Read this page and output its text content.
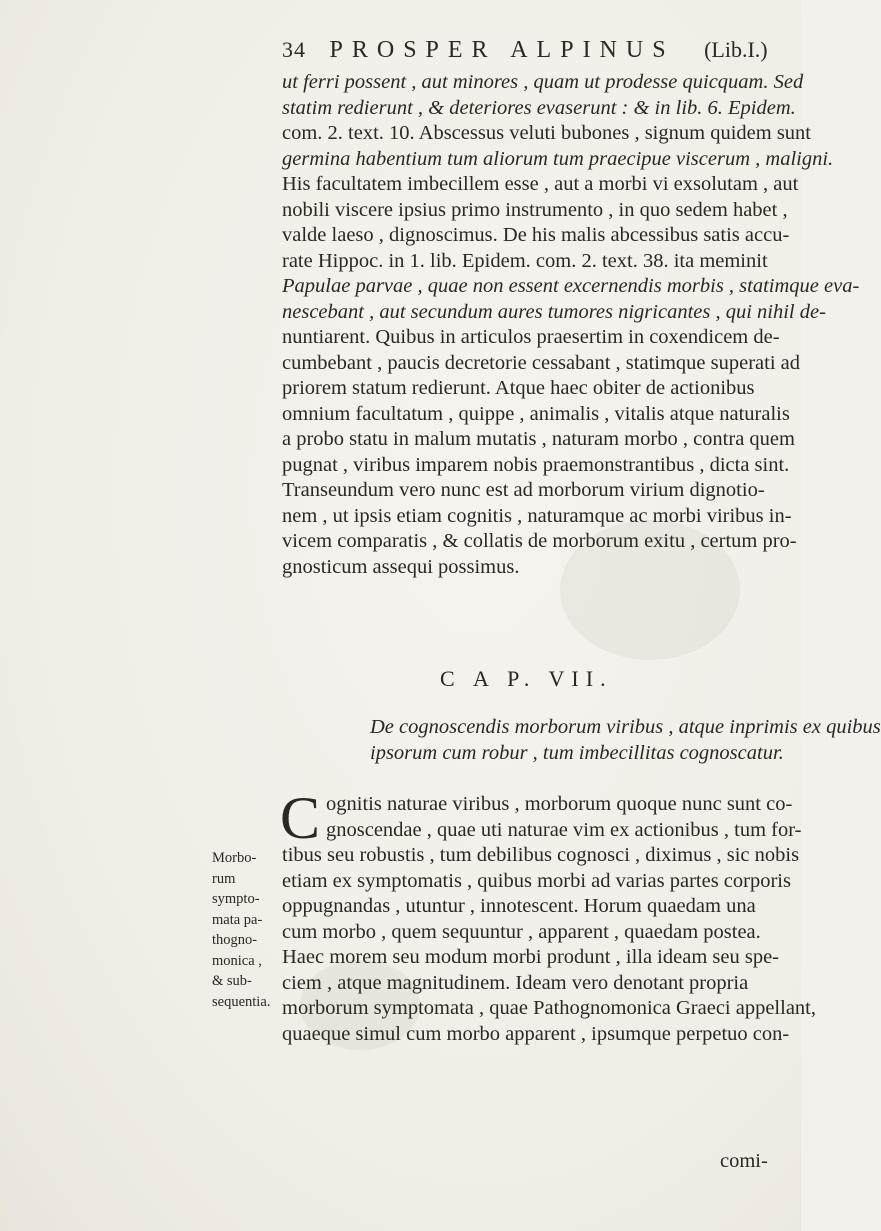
34 PROSPER ALPINUS (Lib.I.)
ut ferri possent , aut minores , quam ut prodesse quicquam. Sed
statim redierunt , & deteriores evaserunt : & in lib. 6. Epidem.
com. 2. text. 10. Abscessus veluti bubones , signum quidem sunt
germina habentium tum aliorum tum praecipue viscerum , maligni.
His facultatem imbecillem esse , aut a morbi vi exsolutam , aut
nobili viscere ipsius primo instrumento , in quo sedem habet ,
valde laeso , dignoscimus. De his malis abcessibus satis accu-
rate Hippoc. in 1. lib. Epidem. com. 2. text. 38. ita meminit
Papulae parvae , quae non essent excernendis morbis , statimque eva-
nescebant , aut secundum aures tumores nigricantes , qui nihil de-
nuntiarent. Quibus in articulos praesertim in coxendicem de-
cumbebant , paucis decretorie cessabant , statimque superati ad
priorem statum redierunt. Atque haec obiter de actionibus
omnium facultatum , quippe , animalis , vitalis atque naturalis
a probo statu in malum mutatis , naturam morbo , contra quem
pugnat , viribus imparem nobis praemonstrantibus , dicta sint.
Transeundum vero nunc est ad morborum virium dignotio-
nem , ut ipsis etiam cognitis , naturamque ac morbi viribus in-
vicem comparatis , & collatis de morborum exitu , certum pro-
gnosticum assequi possimus.
C A P. VII.
De cognoscendis morborum viribus , atque inprimis ex quibus
ipsorum cum robur , tum imbecillitas cognoscatur.
C ognitis naturae viribus , morborum quoque nunc sunt co-
gnoscendae , quae uti naturae vim ex actionibus , tum for-
tibus seu robustis , tum debilibus cognosci , diximus , sic nobis
etiam ex symptomatis , quibus morbi ad varias partes corporis
oppugnandas , utuntur , innotescent. Horum quaedam una
cum morbo , quem sequuntur , apparent , quaedam postea.
Haec morem seu modum morbi produnt , illa ideam seu spe-
ciem , atque magnitudinem. Ideam vero denotant propria
morborum symptomata , quae Pathognomonica Graeci appellant,
quaeque simul cum morbo apparent , ipsumque perpetuo con-
Morbo-
rum
sympto-
mata pa-
thogno-
monica ,
& sub-
sequentia.
comi-
